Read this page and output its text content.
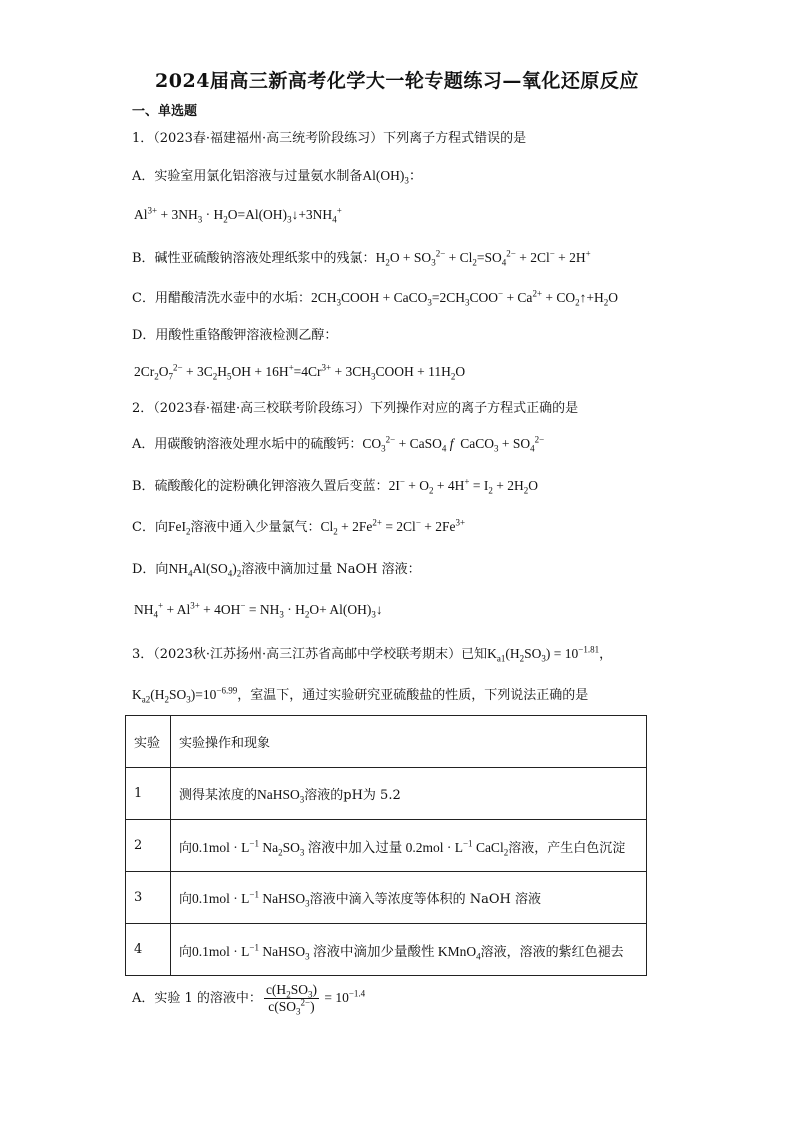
2024届高三新高考化学大一轮专题练习—氧化还原反应
一、单选题
1．（2023春·福建福州·高三统考阶段练习）下列离子方程式错误的是
A．实验室用氯化铝溶液与过量氨水制备$Al(OH)_3$：
$Al^{3+} + 3NH_3$ · $H_2O=Al(OH)_3↓+3NH_4^+$
B．碱性亚硫酸钠溶液处理纸浆中的残氯：$H_2O + SO_3^{2-} + Cl_2=SO_4^{2-} + 2Cl^- + 2H^+$
C．用醋酸清洗水壶中的水垢：$2CH_3COOH$ + $CaCO_3=2CH_3COO^- + Ca^{2+}$ + $CO_2↑+H_2O$
D．用酸性重铬酸钾溶液检测乙醇：
$2Cr_2O_7^{2-} + 3C_2H_5OH + 16H^+=4Cr^{3+}$ + $3CH_3COOH + 11H_2O$
2．（2023春·福建·高三校联考阶段练习）下列操作对应的离子方程式正确的是
A．用碳酸钠溶液处理水垢中的硫酸钙：$CO_3^{2-}$ + CaSO$_4$ f  CaCO$_3$ + $SO_4^{2-}$
B．硫酸酸化的淀粉碘化钾溶液久置后变蓝：$2I^- + O_2 + 4H^+ = I_2 + 2H_2O$
C．向FeI$_2$溶液中通入少量氯气：$Cl_2 + 2Fe^{2+} = 2Cl^- + 2Fe^{3+}$
D．向$NH_4Al(SO_4)_2$溶液中滴加过量 NaOH 溶液：
$NH_4^+ + Al^{3+} + 4OH^- = NH_3 \cdot H_2O+$ $Al(OH)_3↓$
3．（2023秋·江苏扬州·高三江苏省高邮中学校联考期末）已知$K_{a1}(H_2SO_3) = 10^{-1.81}$，
$K_{a2}(H_2SO_3)=10^{-6.99}$，室温下，通过实验研究亚硫酸盐的性质，下列说法正确的是
实验	实验操作和现象
1	测得某浓度的NaHSO$_3$溶液的pH为 5.2
2	向$0.1mol \cdot L^{-1}$ $Na_2SO_3$ 溶液中加入过量 $0.2mol \cdot L^{-1}$ CaCl$_2$溶液，产生白色沉淀
3	向$0.1mol \cdot L^{-1}$ NaHSO$_3$溶液中滴入等浓度等体积的 NaOH 溶液
4	向$0.1mol \cdot L^{-1}$ NaHSO$_3$ 溶液中滴加少量酸性 KMnO$_4$溶液，溶液的紫红色褪去
A．实验 1 的溶液中： $\frac{c(H_2SO_3)}{c(SO_3^{2-})} = 10^{-1.4}$
